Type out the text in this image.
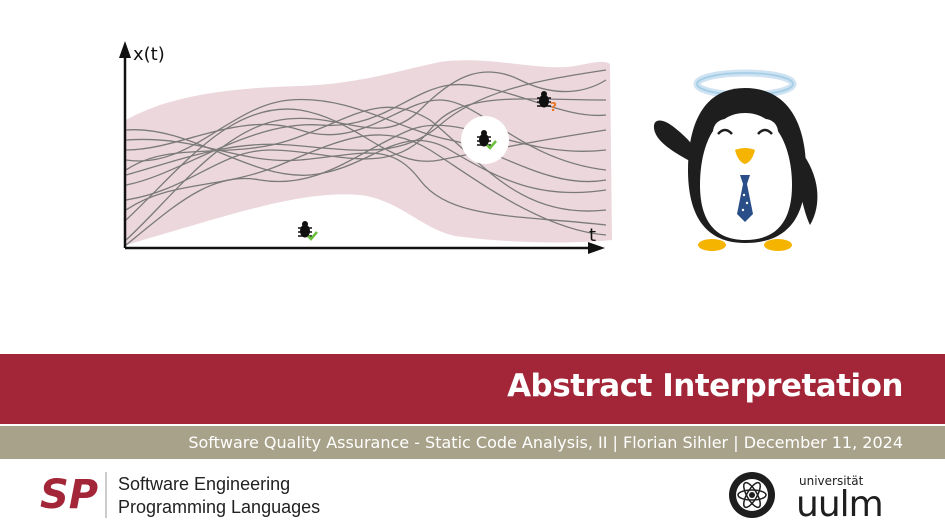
x(t)
t
?
Abstract Interpretation
Software Quality Assurance - Static Code Analysis, II | Florian Sihler | December 11, 2024
SP Software Engineering
Programming Languages
universität
uulm
